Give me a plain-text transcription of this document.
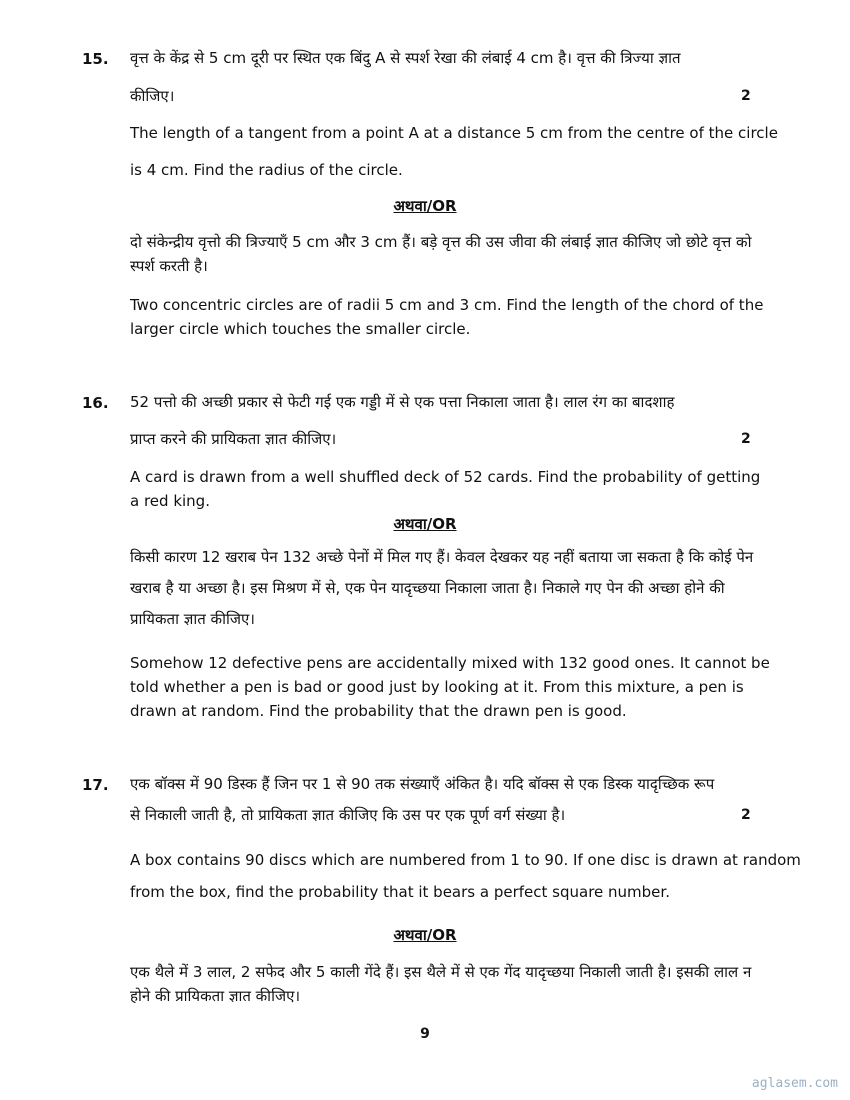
15. वृत्त के केंद्र से 5 cm दूरी पर स्थित एक बिंदु A से स्पर्श रेखा की लंबाई 4 cm है। वृत्त की त्रिज्या ज्ञात
कीजिए।	2
The length of a tangent from a point A at a distance 5 cm from the centre of the circle
is 4 cm. Find the radius of the circle.
अथवा/OR
दो संकेन्द्रीय वृत्तो की त्रिज्याएँ 5 cm और 3 cm हैं। बड़े वृत्त की उस जीवा की लंबाई ज्ञात कीजिए जो छोटे वृत्त को स्पर्श करती है।
Two concentric circles are of radii 5 cm and 3 cm. Find the length of the chord of the larger circle which touches the smaller circle.
16. 52 पत्तो की अच्छी प्रकार से फेटी गई एक गड्डी में से एक पत्ता निकाला जाता है। लाल रंग का बादशाह
प्राप्त करने की प्रायिकता ज्ञात कीजिए।	2
A card is drawn from a well shuffled deck of 52 cards. Find the probability of getting a red king.
अथवा/OR
किसी कारण 12 खराब पेन 132 अच्छे पेनों में मिल गए हैं। केवल देखकर यह नहीं बताया जा सकता है कि कोई पेन खराब है या अच्छा है। इस मिश्रण में से, एक पेन यादृच्छया निकाला जाता है। निकाले गए पेन की अच्छा होने की प्रायिकता ज्ञात कीजिए।
Somehow 12 defective pens are accidentally mixed with 132 good ones. It cannot be told whether a pen is bad or good just by looking at it. From this mixture, a pen is drawn at random. Find the probability that the drawn pen is good.
17. एक बॉक्स में 90 डिस्क हैं जिन पर 1 से 90 तक संख्याएँ अंकित है। यदि बॉक्स से एक डिस्क यादृच्छिक रूप
से निकाली जाती है, तो प्रायिकता ज्ञात कीजिए कि उस पर एक पूर्ण वर्ग संख्या है।	2
A box contains 90 discs which are numbered from 1 to 90. If one disc is drawn at random
from the box, find the probability that it bears a perfect square number.
अथवा/OR
एक थैले में 3 लाल, 2 सफेद और 5 काली गेंदे हैं। इस थैले में से एक गेंद यादृच्छया निकाली जाती है। इसकी लाल न होने की प्रायिकता ज्ञात कीजिए।
9
aglasem.com
